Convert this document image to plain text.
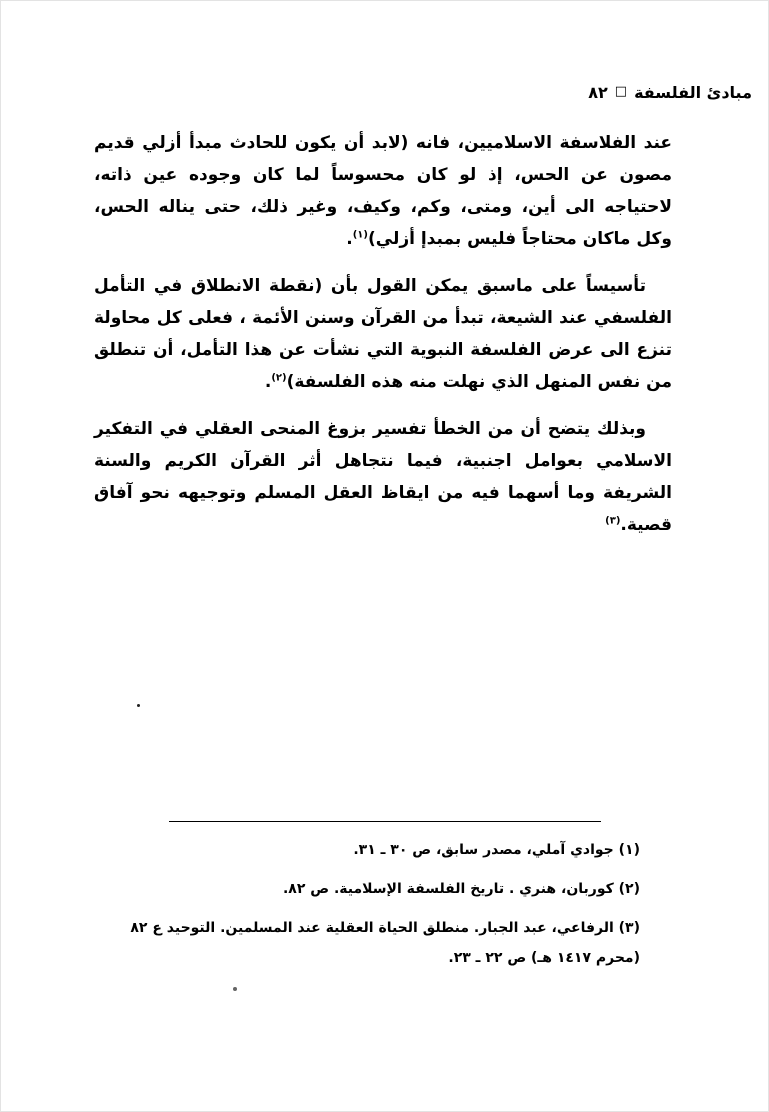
٨٢ □ مبادئ الفلسفة

عند الفلاسفة الاسلاميين، فانه (لابد أن يكون للحادث مبدأ أزلي قديم مصون عن الحس، إذ لو كان محسوساً لما كان وجوده عين ذاته، لاحتياجه الى أين، ومتى، وكم، وكيف، وغير ذلك، حتى يناله الحس، وكل ماكان محتاجاً فليس بمبدإ أزلي)$^{(١)}$.

تأسيساً على ماسبق يمكن القول بأن (نقطة الانطلاق في التأمل الفلسفي عند الشيعة، تبدأ من القرآن وسنن الأئمة ، فعلى كل محاولة تنزع الى عرض الفلسفة النبوية التي نشأت عن هذا التأمل، أن تنطلق من نفس المنهل الذي نهلت منه هذه الفلسفة)$^{(٢)}$.

وبذلك يتضح أن من الخطأ تفسير بزوغ المنحى العقلي في التفكير الاسلامي بعوامل اجنبية، فيما نتجاهل أثر القرآن الكريم والسنة الشريفة وما أسهما فيه من ايقاظ العقل المسلم وتوجيهه نحو آفاق قصية.$^{(٣)}$

(١) جوادي آملي، مصدر سابق، ص ٣٠ ـ ٣١.

(٢) كوربان، هنري . تاريخ الفلسفة الإسلامية. ص ٨٢.

(٣) الرفاعي، عبد الجبار. منطلق الحياة العقلية عند المسلمين. التوحيد ع ٨٢ (محرم ١٤١٧ هـ) ص ٢٢ ـ ٢٣.
